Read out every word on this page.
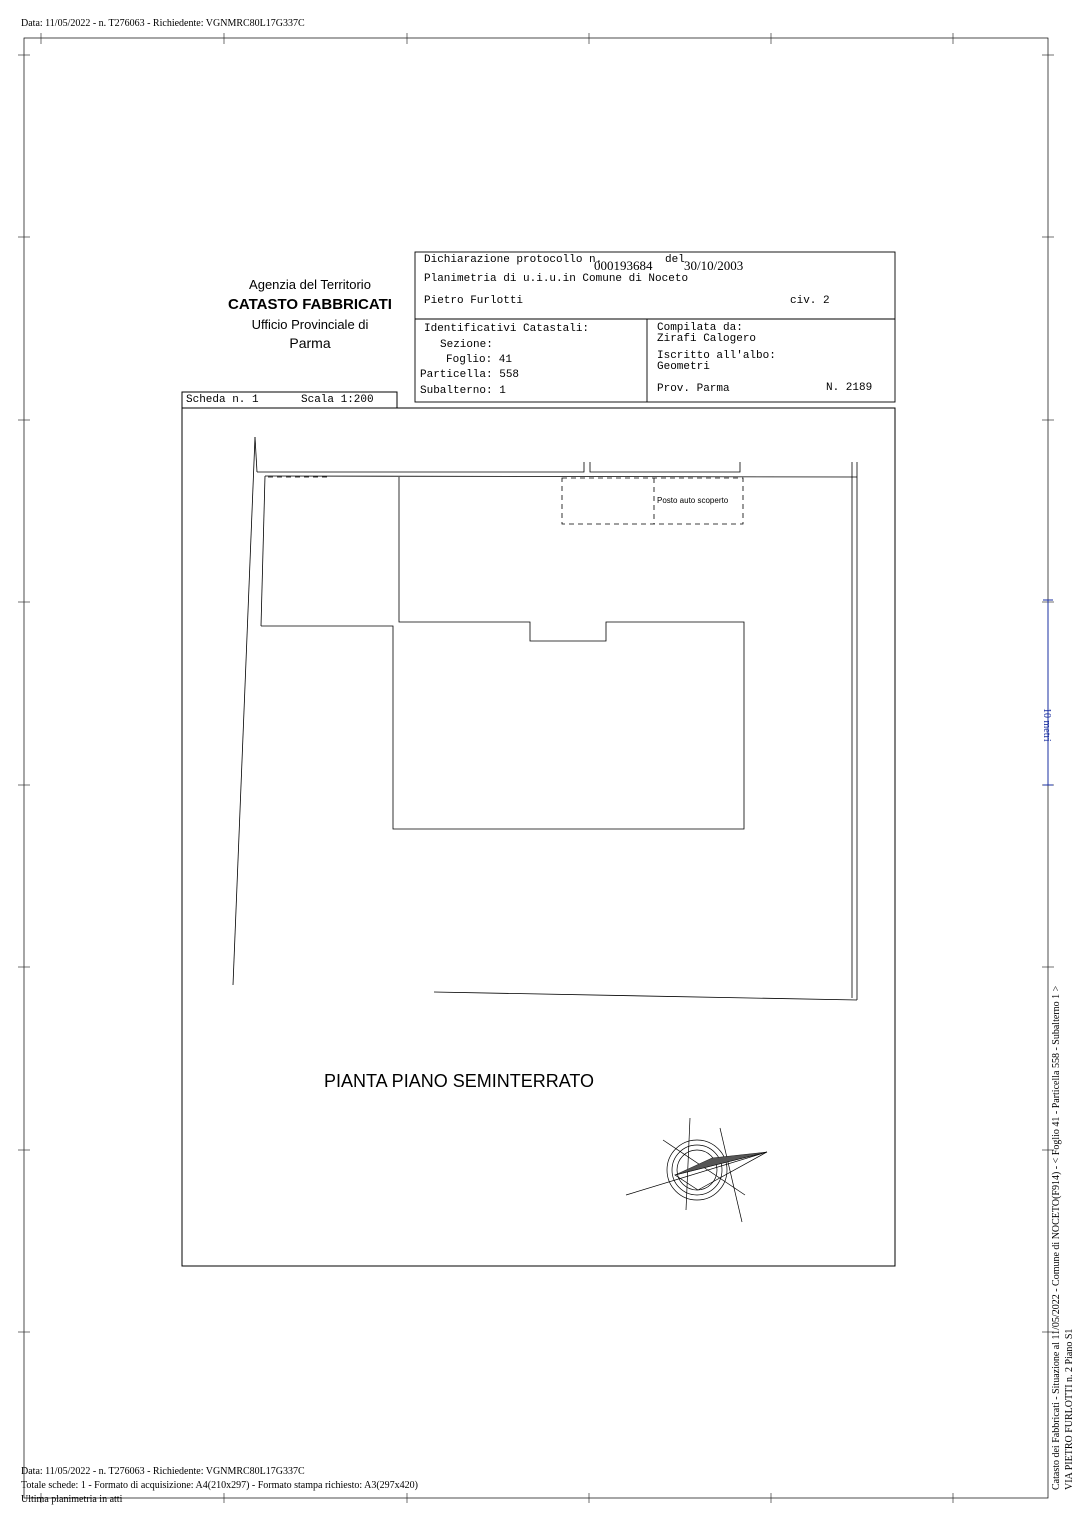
Data: 11/05/2022 - n. T276063 - Richiedente: VGNMRC80L17G337C
Agenzia del Territorio
CATASTO FABBRICATI
Ufficio Provinciale di
Parma
Dichiarazione protocollo n.
000193684 del 30/10/2003
Planimetria di u.i.u.in Comune di Noceto
Pietro Furlotti	civ. 2
Identificativi Catastali:
Sezione:
Foglio: 41
Particella: 558
Subalterno: 1
Compilata da:
Zirafi Calogero
Iscritto all'albo:
Geometri
Prov. Parma	N. 2189
Scheda n. 1	Scala 1:200
Posto auto scoperto
PIANTA PIANO SEMINTERRATO
10 metri
Catasto dei Fabbricati - Situazione al 11/05/2022 - Comune di NOCETO(F914) - < Foglio 41 - Particella 558 - Subalterno 1 > VIA PIETRO FURLOTTI n. 2 Piano S1
Data: 11/05/2022 - n. T276063 - Richiedente: VGNMRC80L17G337C
Totale schede: 1 - Formato di acquisizione: A4(210x297) - Formato stampa richiesto: A3(297x420)
Ultima planimetria in atti
